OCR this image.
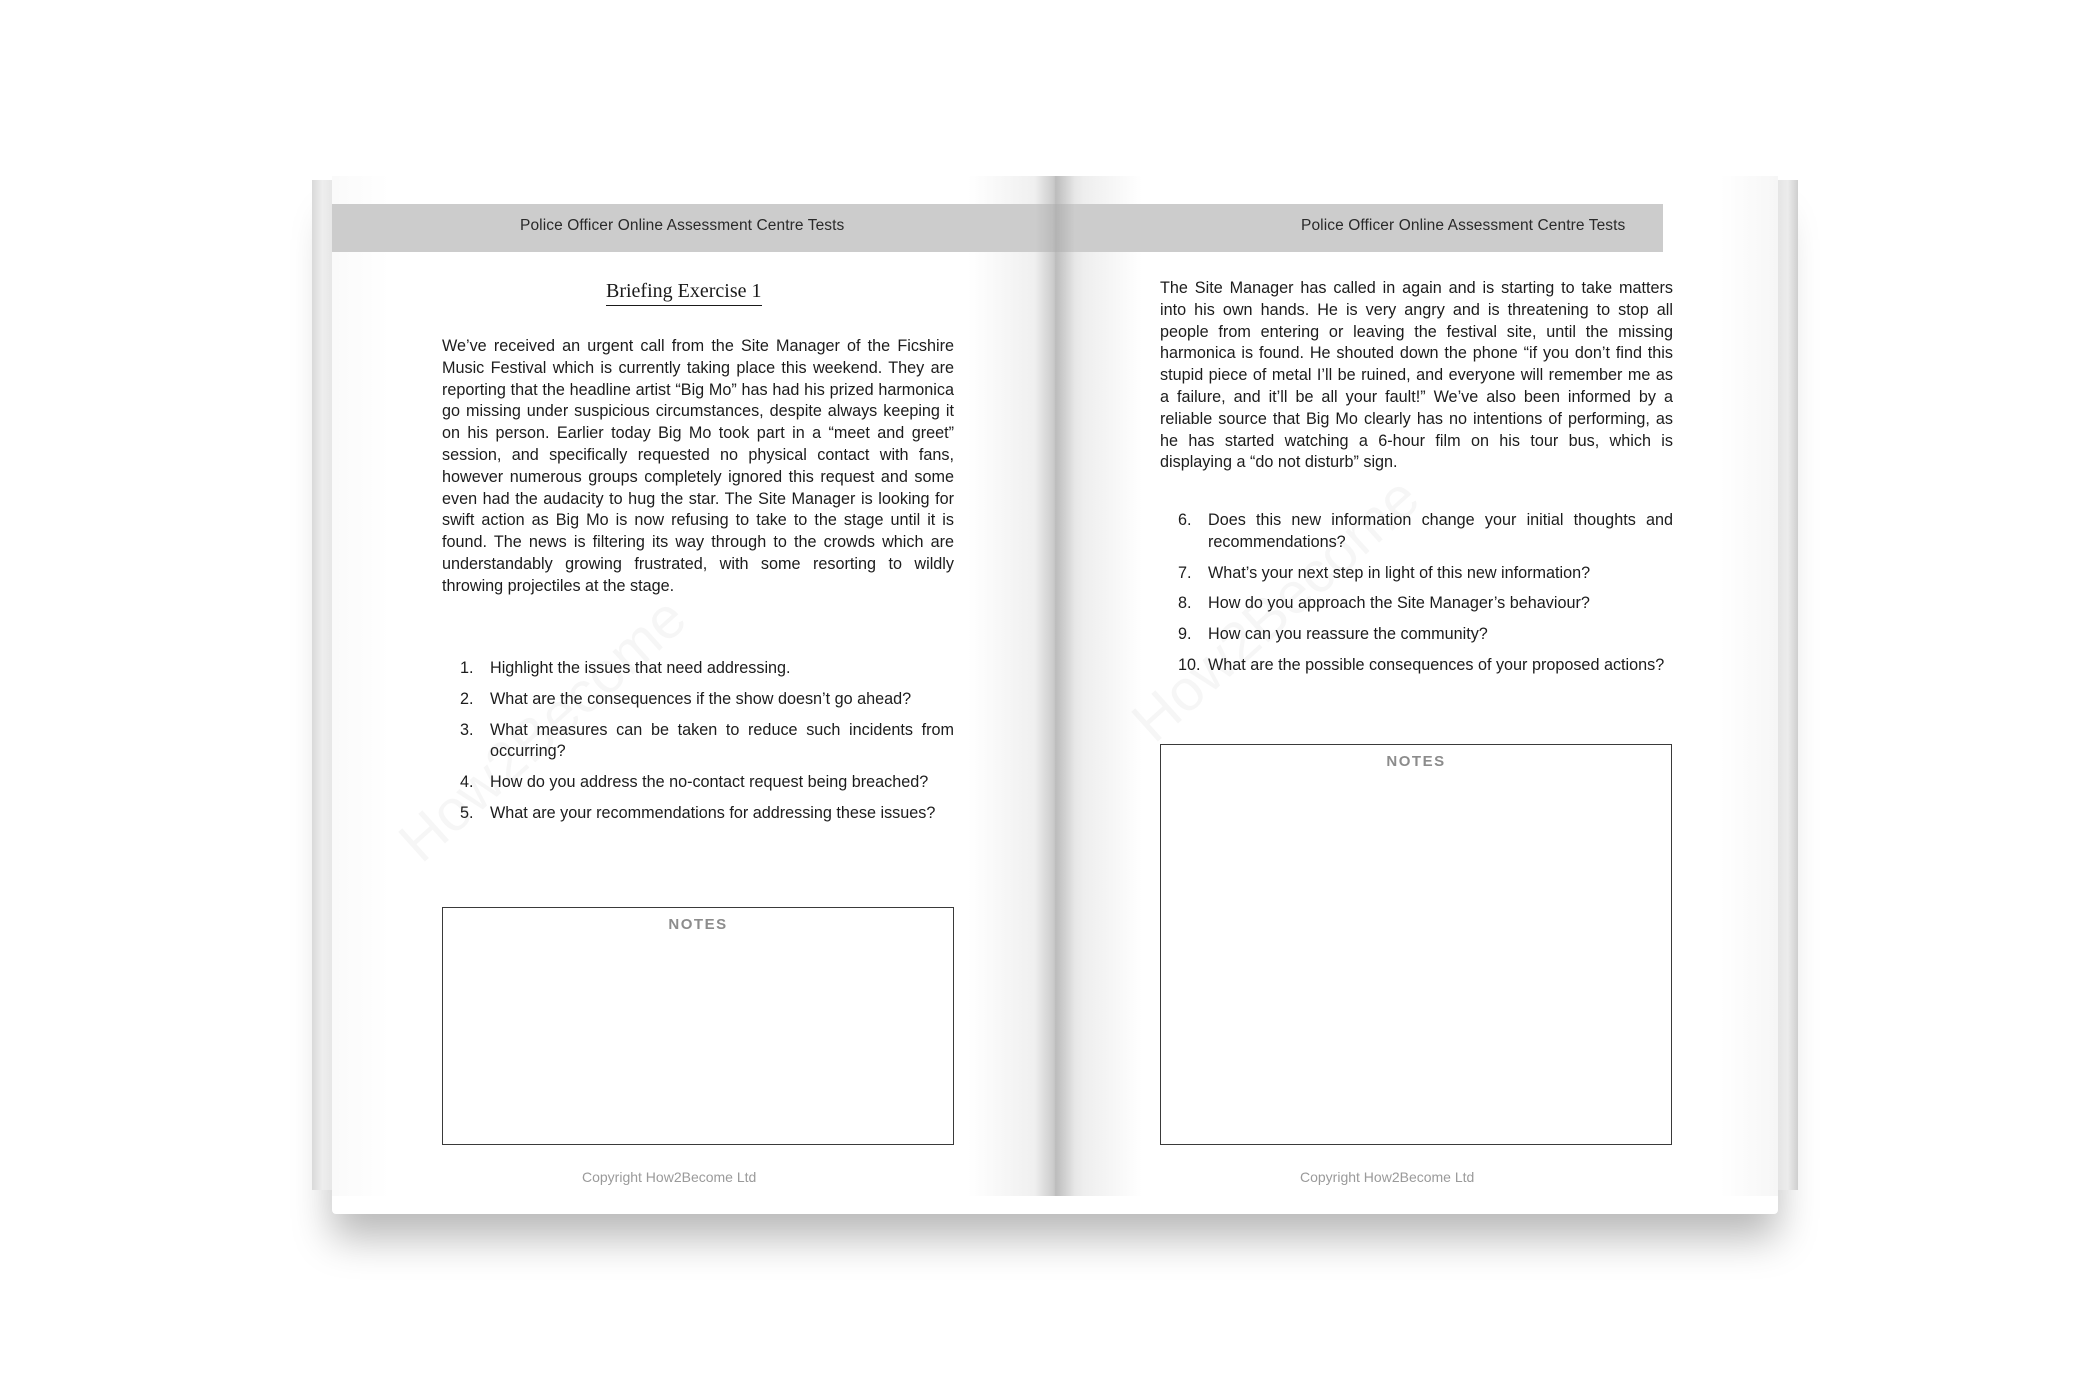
Police Officer Online Assessment Centre Tests
Briefing Exercise 1

We’ve received an urgent call from the Site Manager of the Ficshire Music Festival which is currently taking place this weekend. They are reporting that the headline artist “Big Mo” has had his prized harmonica go missing under suspicious circumstances, despite always keeping it on his person. Earlier today Big Mo took part in a “meet and greet” session, and specifically requested no physical contact with fans, however numerous groups completely ignored this request and some even had the audacity to hug the star. The Site Manager is looking for swift action as Big Mo is now refusing to take to the stage until it is found. The news is filtering its way through to the crowds which are understandably growing frustrated, with some resorting to wildly throwing projectiles at the stage.

1. Highlight the issues that need addressing.
2. What are the consequences if the show doesn’t go ahead?
3. What measures can be taken to reduce such incidents from occurring?
4. How do you address the no-contact request being breached?
5. What are your recommendations for addressing these issues?
NOTES
Copyright How2Become Ltd
Police Officer Online Assessment Centre Tests

The Site Manager has called in again and is starting to take matters into his own hands. He is very angry and is threatening to stop all people from entering or leaving the festival site, until the missing harmonica is found. He shouted down the phone “if you don’t find this stupid piece of metal I’ll be ruined, and everyone will remember me as a failure, and it’ll be all your fault!” We’ve also been informed by a reliable source that Big Mo clearly has no intentions of performing, as he has started watching a 6-hour film on his tour bus, which is displaying a “do not disturb” sign.

6. Does this new information change your initial thoughts and recommendations?
7. What’s your next step in light of this new information?
8. How do you approach the Site Manager’s behaviour?
9. How can you reassure the community?
10. What are the possible consequences of your proposed actions?
NOTES
Copyright How2Become Ltd
